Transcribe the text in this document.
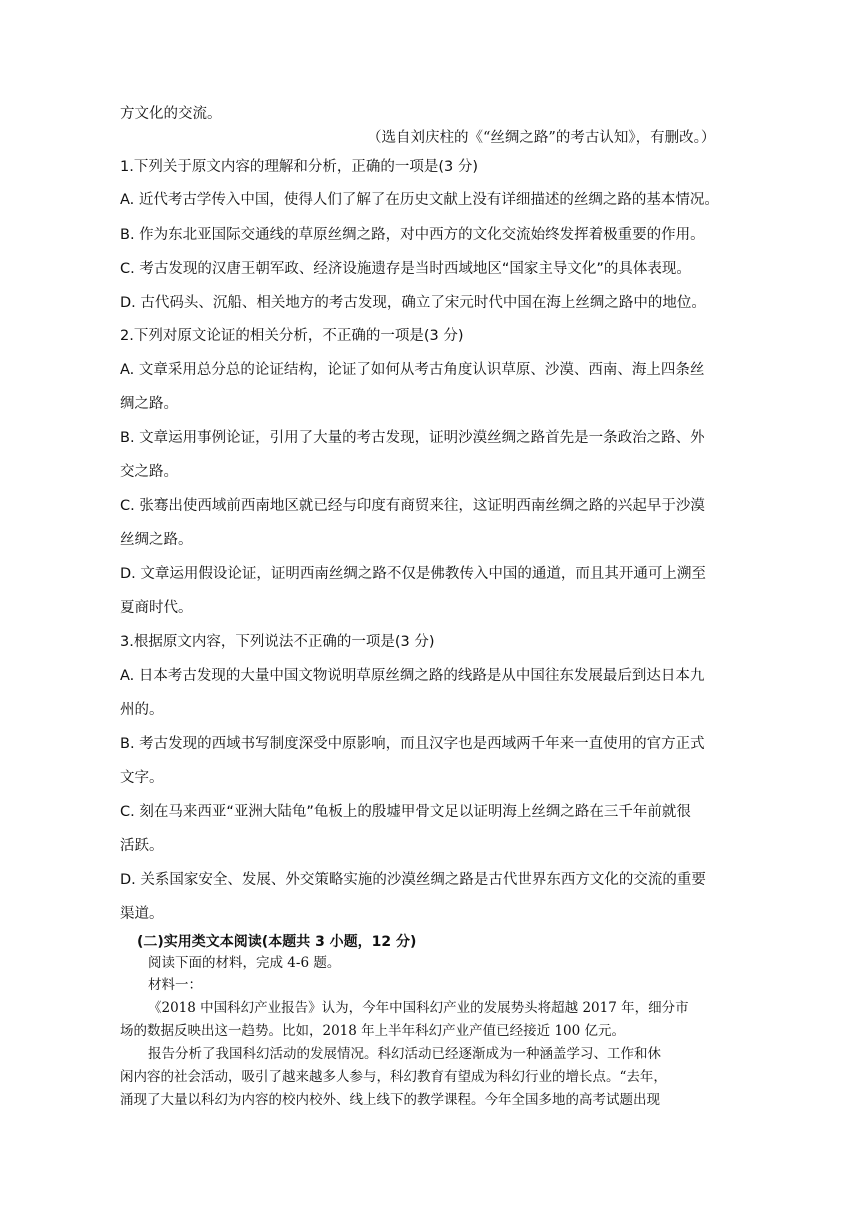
方文化的交流。
（选自刘庆柱的《“丝绸之路”的考古认知》，有删改。）
1.下列关于原文内容的理解和分析，正确的一项是(3 分)
A. 近代考古学传入中国，使得人们了解了在历史文献上没有详细描述的丝绸之路的基本情况。
B. 作为东北亚国际交通线的草原丝绸之路，对中西方的文化交流始终发挥着极重要的作用。
C. 考古发现的汉唐王朝军政、经济设施遗存是当时西域地区“国家主导文化”的具体表现。
D. 古代码头、沉船、相关地方的考古发现，确立了宋元时代中国在海上丝绸之路中的地位。
2.下列对原文论证的相关分析，不正确的一项是(3 分)
A. 文章采用总分总的论证结构，论证了如何从考古角度认识草原、沙漠、西南、海上四条丝
绸之路。
B. 文章运用事例论证，引用了大量的考古发现，证明沙漠丝绸之路首先是一条政治之路、外
交之路。
C. 张骞出使西域前西南地区就已经与印度有商贸来往，这证明西南丝绸之路的兴起早于沙漠
丝绸之路。
D. 文章运用假设论证，证明西南丝绸之路不仅是佛教传入中国的通道，而且其开通可上溯至
夏商时代。
3.根据原文内容，下列说法不正确的一项是(3 分)
A. 日本考古发现的大量中国文物说明草原丝绸之路的线路是从中国往东发展最后到达日本九
州的。
B. 考古发现的西域书写制度深受中原影响，而且汉字也是西域两千年来一直使用的官方正式
文字。
C. 刻在马来西亚“亚洲大陆龟”龟板上的殷墟甲骨文足以证明海上丝绸之路在三千年前就很
活跃。
D. 关系国家安全、发展、外交策略实施的沙漠丝绸之路是古代世界东西方文化的交流的重要
渠道。
(二)实用类文本阅读(本题共 3 小题，12 分)
阅读下面的材料，完成 4-6 题。
材料一：
《2018 中国科幻产业报告》认为，今年中国科幻产业的发展势头将超越 2017 年，细分市
场的数据反映出这一趋势。比如，2018 年上半年科幻产业产值已经接近 100 亿元。
报告分析了我国科幻活动的发展情况。科幻活动已经逐渐成为一种涵盖学习、工作和休
闲内容的社会活动，吸引了越来越多人参与，科幻教育有望成为科幻行业的增长点。“去年，
涌现了大量以科幻为内容的校内校外、线上线下的教学课程。今年全国多地的高考试题出现
